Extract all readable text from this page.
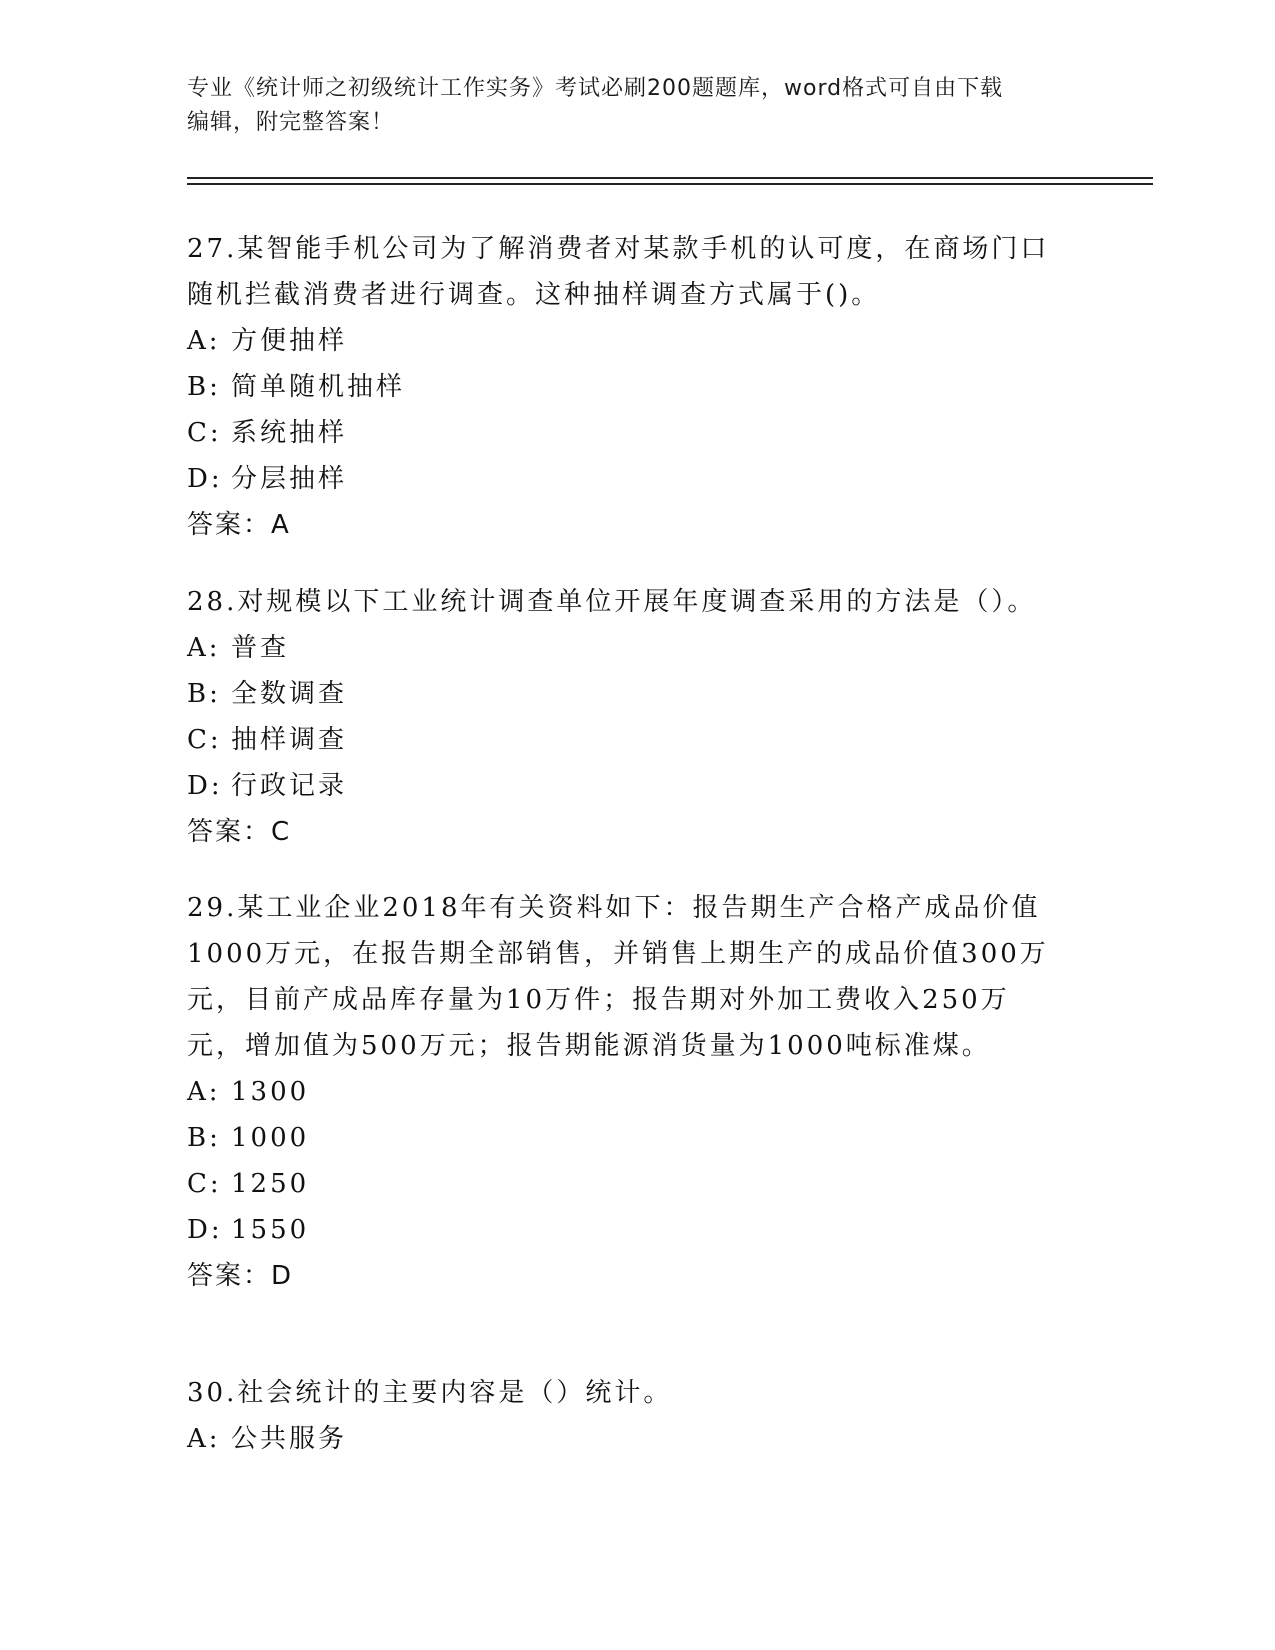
专业《统计师之初级统计工作实务》考试必刷200题题库，word格式可自由下载
编辑，附完整答案！

27.某智能手机公司为了解消费者对某款手机的认可度，在商场门口随机拦截消费者进行调查。这种抽样调查方式属于()。

A: 方便抽样

B: 简单随机抽样

C: 系统抽样

D: 分层抽样

答案：A

28.对规模以下工业统计调查单位开展年度调查采用的方法是（）。

A: 普查

B: 全数调查

C: 抽样调查

D: 行政记录

答案：C

29.某工业企业2018年有关资料如下：报告期生产合格产成品价值1000万元，在报告期全部销售，并销售上期生产的成品价值300万元，目前产成品库存量为10万件；报告期对外加工费收入250万元，增加值为500万元；报告期能源消货量为1000吨标准煤。

A: 1300

B: 1000

C: 1250

D: 1550

答案：D

30.社会统计的主要内容是（）统计。

A: 公共服务
